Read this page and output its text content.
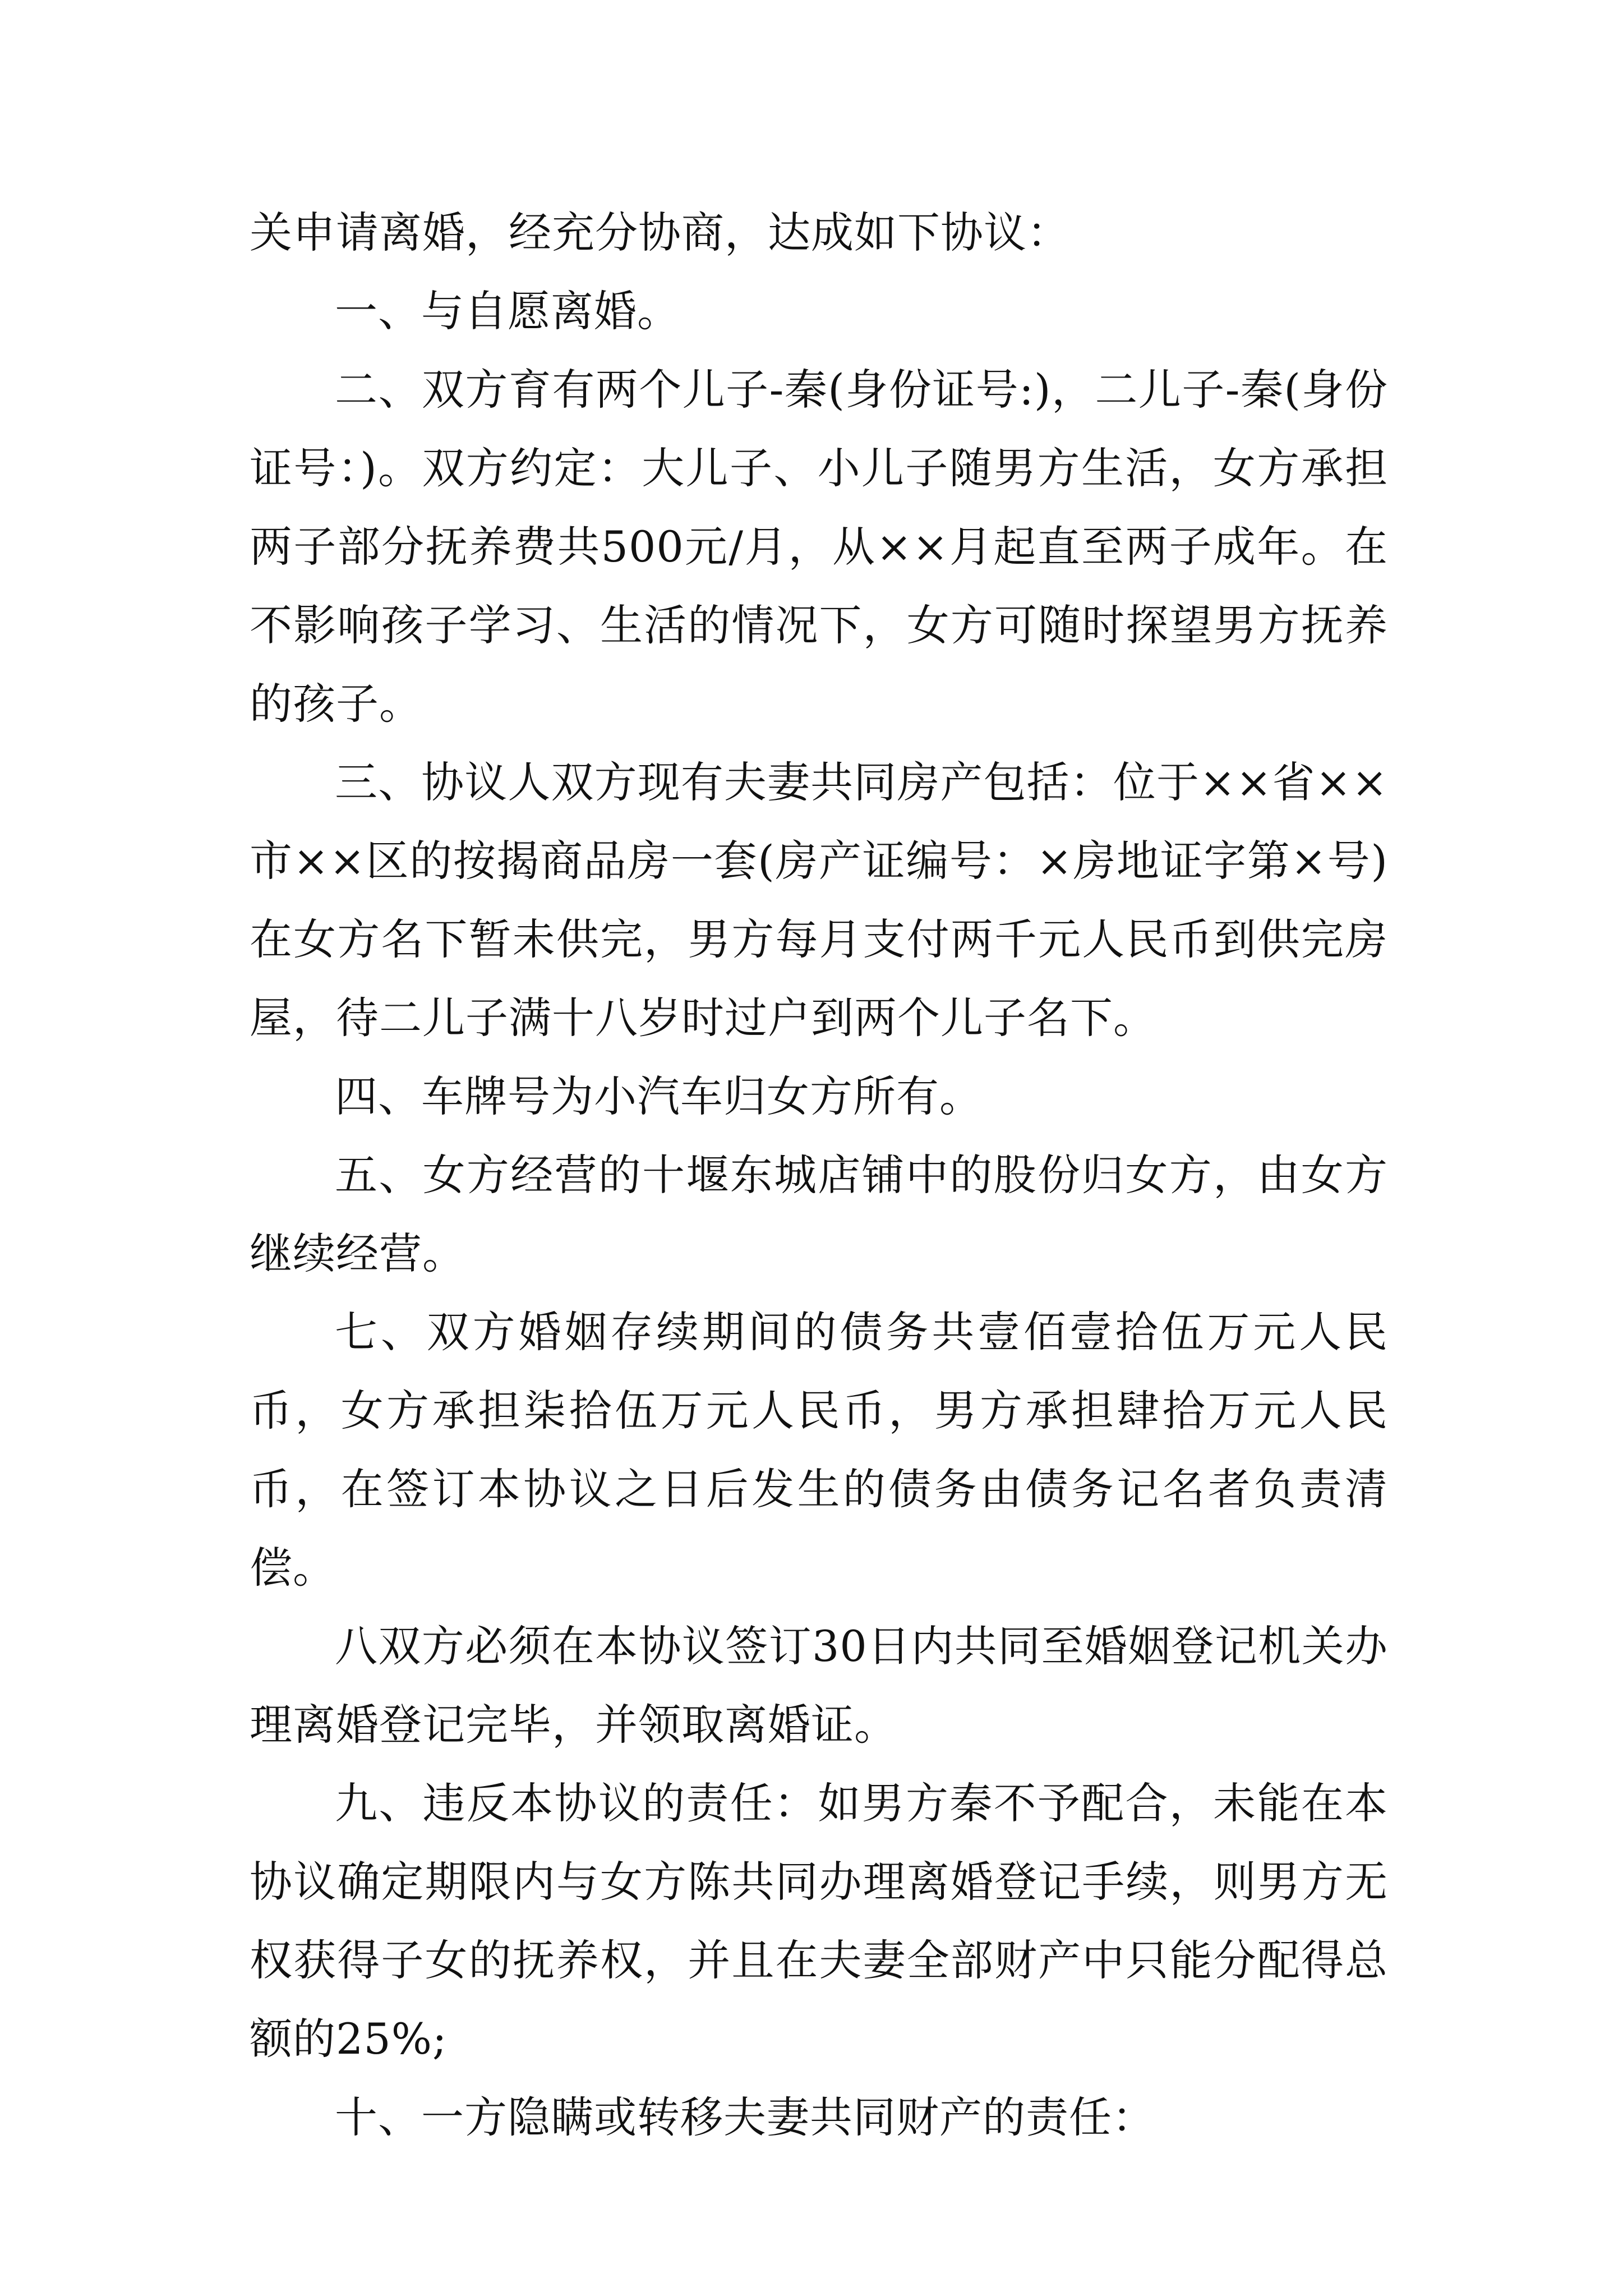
关申请离婚，经充分协商，达成如下协议：

一、与自愿离婚。

二、双方育有两个儿子-秦(身份证号:)，二儿子-秦(身份证号：)。双方约定：大儿子、小儿子随男方生活，女方承担两子部分抚养费共500元/月，从××月起直至两子成年。在不影响孩子学习、生活的情况下，女方可随时探望男方抚养的孩子。

三、协议人双方现有夫妻共同房产包括：位于××省××市××区的按揭商品房一套(房产证编号：×房地证字第×号)在女方名下暂未供完，男方每月支付两千元人民币到供完房屋，待二儿子满十八岁时过户到两个儿子名下。

四、车牌号为小汽车归女方所有。

五、女方经营的十堰东城店铺中的股份归女方，由女方继续经营。

七、双方婚姻存续期间的债务共壹佰壹拾伍万元人民币，女方承担柒拾伍万元人民币，男方承担肆拾万元人民币，在签订本协议之日后发生的债务由债务记名者负责清偿。

八双方必须在本协议签订30日内共同至婚姻登记机关办理离婚登记完毕，并领取离婚证。

九、违反本协议的责任：如男方秦不予配合，未能在本协议确定期限内与女方陈共同办理离婚登记手续，则男方无权获得子女的抚养权，并且在夫妻全部财产中只能分配得总额的25%;

十、一方隐瞒或转移夫妻共同财产的责任：
